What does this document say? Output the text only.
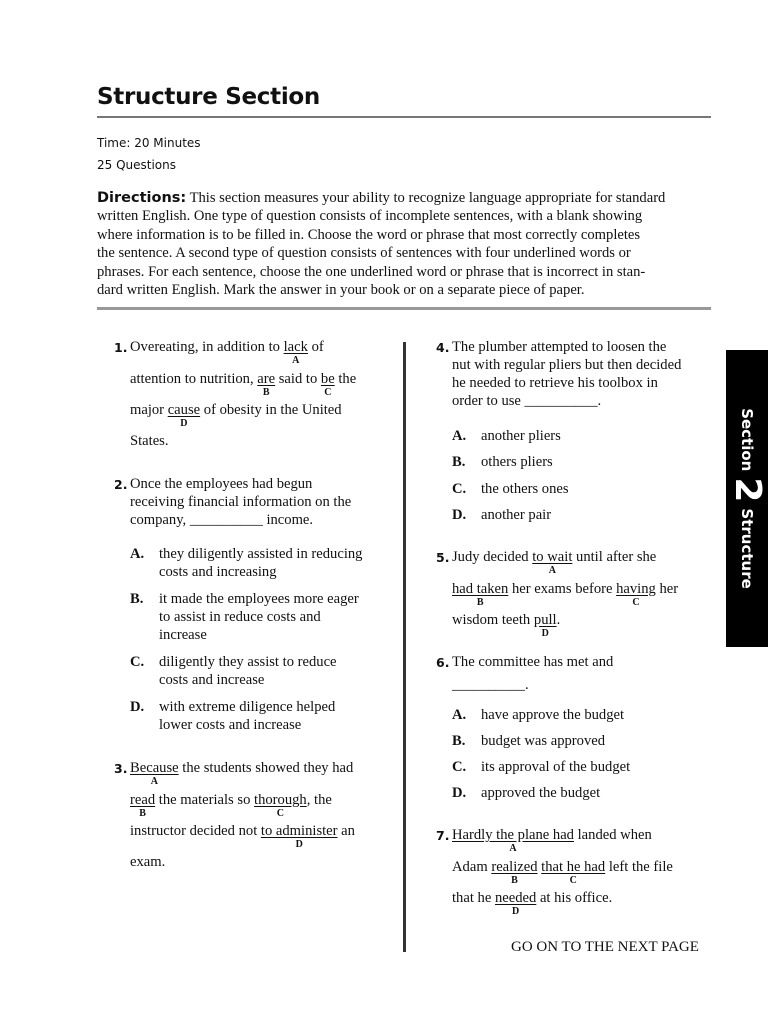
Structure Section
Time: 20 Minutes
25 Questions

Directions: This section measures your ability to recognize language appropriate for standard
written English. One type of question consists of incomplete sentences, with a blank showing
where information is to be filled in. Choose the word or phrase that most correctly completes
the sentence. A second type of question consists of sentences with four underlined words or
phrases. For each sentence, choose the one underlined word or phrase that is incorrect in stan-
dard written English. Mark the answer in your book or on a separate piece of paper.

1. Overeating, in addition to lack
A
of
attention to nutrition, are
B
said to be
C
the
major cause
D
of obesity in the United
States.
2. Once the employees had begun
receiving financial information on the
company, __________ income.
A. they diligently assisted in reducing
costs and increasing
B. it made the employees more eager
to assist in reduce costs and
increase
C. diligently they assist to reduce
costs and increase
D. with extreme diligence helped
lower costs and increase
3. Because
A
the students showed they had
read
B
the materials so thorough
C
, the
instructor decided not to administer
D
an
exam.
4. The plumber attempted to loosen the
nut with regular pliers but then decided
he needed to retrieve his toolbox in
order to use __________.
A. another pliers
B. others pliers
C. the others ones
D. another pair
5. Judy decided to wait
A
until after she
had taken
B
her exams before having
C
her
wisdom teeth pull
D
.
6. The committee has met and
__________.
A. have approve the budget
B. budget was approved
C. its approval of the budget
D. approved the budget
7. Hardly the plane had
A
landed when
Adam realized
B
that he had
C
left the file
that he needed
D
at his office.
Section
2
Structure
GO ON TO THE NEXT PAGE
